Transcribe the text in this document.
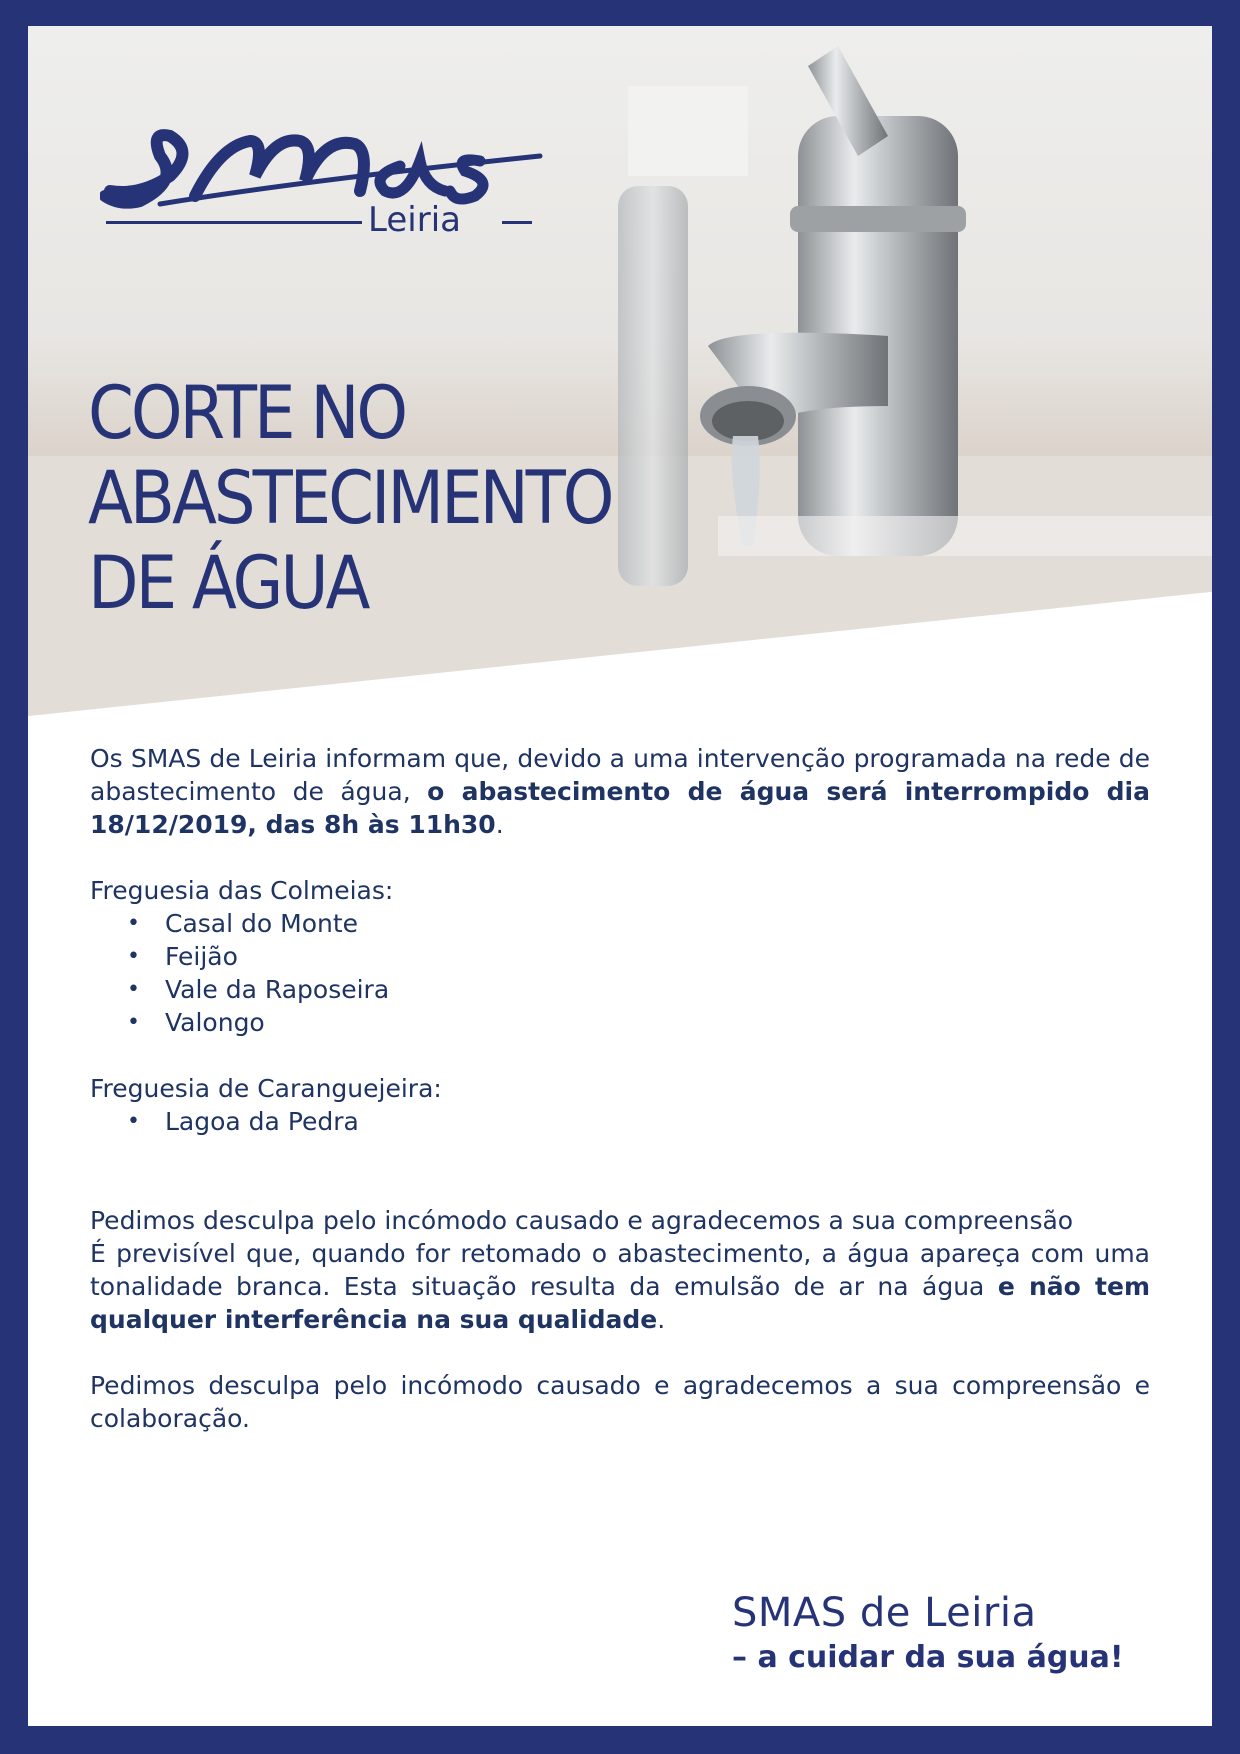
Leiria
CORTE NO
ABASTECIMENTO
DE ÁGUA

Os SMAS de Leiria informam que, devido a uma intervenção programada na rede de abastecimento de água, o abastecimento de água será interrompido dia 18/12/2019, das 8h às 11h30.

Freguesia das Colmeias:

• Casal do Monte
• Feijão
• Vale da Raposeira
• Valongo

Freguesia de Caranguejeira:

• Lagoa da Pedra

Pedimos desculpa pelo incómodo causado e agradecemos a sua compreensão
É previsível que, quando for retomado o abastecimento, a água apareça com uma tonalidade branca. Esta situação resulta da emulsão de ar na água e não tem qualquer interferência na sua qualidade.

Pedimos desculpa pelo incómodo causado e agradecemos a sua compreensão e colaboração.

SMAS de Leiria
– a cuidar da sua água!
